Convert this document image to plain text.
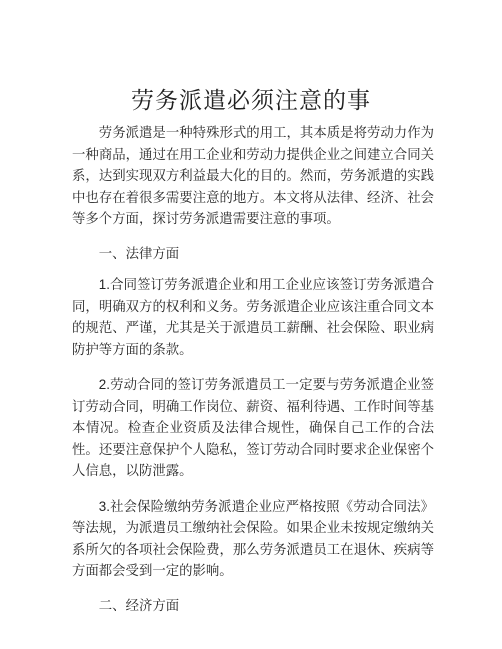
劳务派遣必须注意的事

劳务派遣是一种特殊形式的用工，其本质是将劳动力作为一种商品，通过在用工企业和劳动力提供企业之间建立合同关系，达到实现双方利益最大化的目的。然而，劳务派遣的实践中也存在着很多需要注意的地方。本文将从法律、经济、社会等多个方面，探讨劳务派遣需要注意的事项。

一、法律方面

1.合同签订劳务派遣企业和用工企业应该签订劳务派遣合同，明确双方的权利和义务。劳务派遣企业应该注重合同文本的规范、严谨，尤其是关于派遣员工薪酬、社会保险、职业病防护等方面的条款。

2.劳动合同的签订劳务派遣员工一定要与劳务派遣企业签订劳动合同，明确工作岗位、薪资、福利待遇、工作时间等基本情况。检查企业资质及法律合规性，确保自己工作的合法性。还要注意保护个人隐私，签订劳动合同时要求企业保密个人信息，以防泄露。

3.社会保险缴纳劳务派遣企业应严格按照《劳动合同法》等法规，为派遣员工缴纳社会保险。如果企业未按规定缴纳关系所欠的各项社会保险费，那么劳务派遣员工在退休、疾病等方面都会受到一定的影响。

二、经济方面
